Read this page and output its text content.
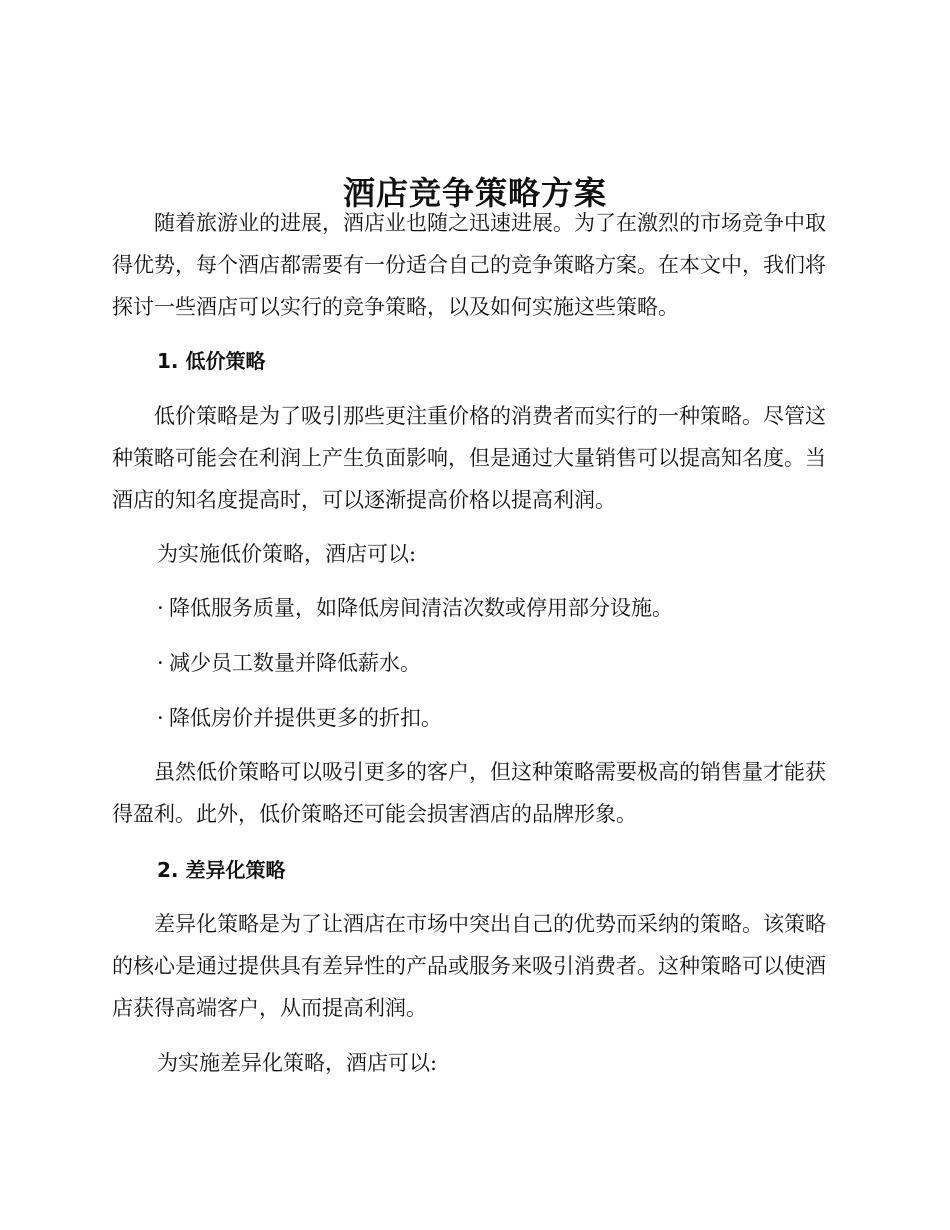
酒店竞争策略方案

随着旅游业的进展，酒店业也随之迅速进展。为了在激烈的市场竞争中取得优势，每个酒店都需要有一份适合自己的竞争策略方案。在本文中，我们将探讨一些酒店可以实行的竞争策略，以及如何实施这些策略。

1. 低价策略

低价策略是为了吸引那些更注重价格的消费者而实行的一种策略。尽管这种策略可能会在利润上产生负面影响，但是通过大量销售可以提高知名度。当酒店的知名度提高时，可以逐渐提高价格以提高利润。

为实施低价策略，酒店可以:

· 降低服务质量，如降低房间清洁次数或停用部分设施。

· 减少员工数量并降低薪水。

· 降低房价并提供更多的折扣。

虽然低价策略可以吸引更多的客户，但这种策略需要极高的销售量才能获得盈利。此外，低价策略还可能会损害酒店的品牌形象。

2. 差异化策略

差异化策略是为了让酒店在市场中突出自己的优势而采纳的策略。该策略的核心是通过提供具有差异性的产品或服务来吸引消费者。这种策略可以使酒店获得高端客户，从而提高利润。

为实施差异化策略，酒店可以:
